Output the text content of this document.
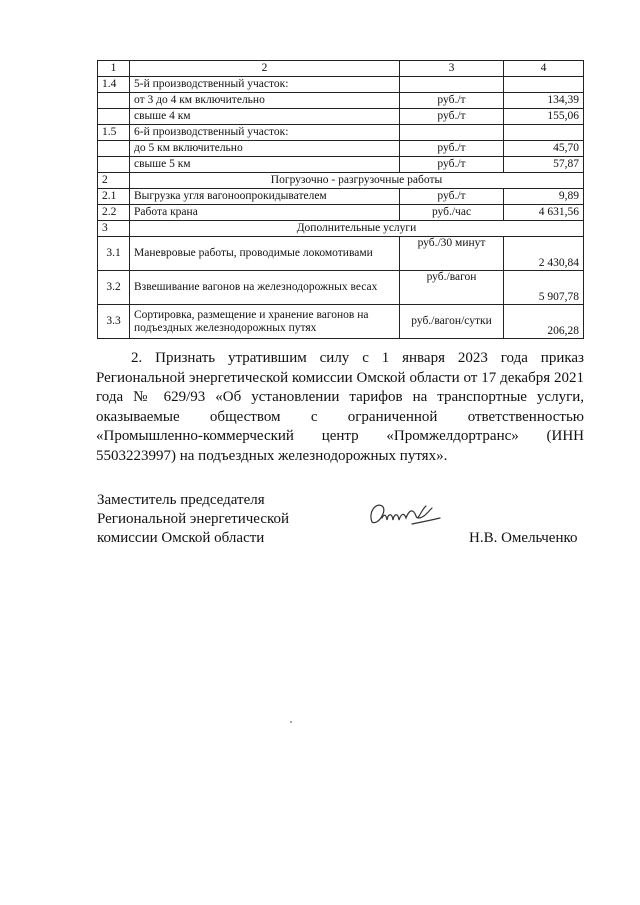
1	2	3	4
1.4	5-й производственный участок:		
	от 3 до 4 км включительно	руб./т	134,39
	свыше 4 км	руб./т	155,06
1.5	6-й производственный участок:		
	до 5 км включительно	руб./т	45,70
	свыше 5 км	руб./т	57,87
2	Погрузочно - разгрузочные работы		
2.1	Выгрузка угля вагоноопрокидывателем	руб./т	9,89
2.2	Работа крана	руб./час	4 631,56
3	Дополнительные услуги		
3.1	Маневровые работы, проводимые локомотивами	руб./30 минут	2 430,84
3.2	Взвешивание вагонов на железнодорожных весах	руб./вагон	5 907,78
3.3	Сортировка, размещение и хранение вагонов на подъездных железнодорожных путях	руб./вагон/сутки	206,28

2. Признать утратившим силу с 1 января 2023 года приказ Региональной энергетической комиссии Омской области от 17 декабря 2021 года № 629/93 «Об установлении тарифов на транспортные услуги, оказываемые обществом с ограниченной ответственностью «Промышленно-коммерческий центр «Промжелдортранс» (ИНН 5503223997) на подъездных железнодорожных путях».

Заместитель председателя
Региональной энергетической
комиссии Омской области	Н.В. Омельченко
